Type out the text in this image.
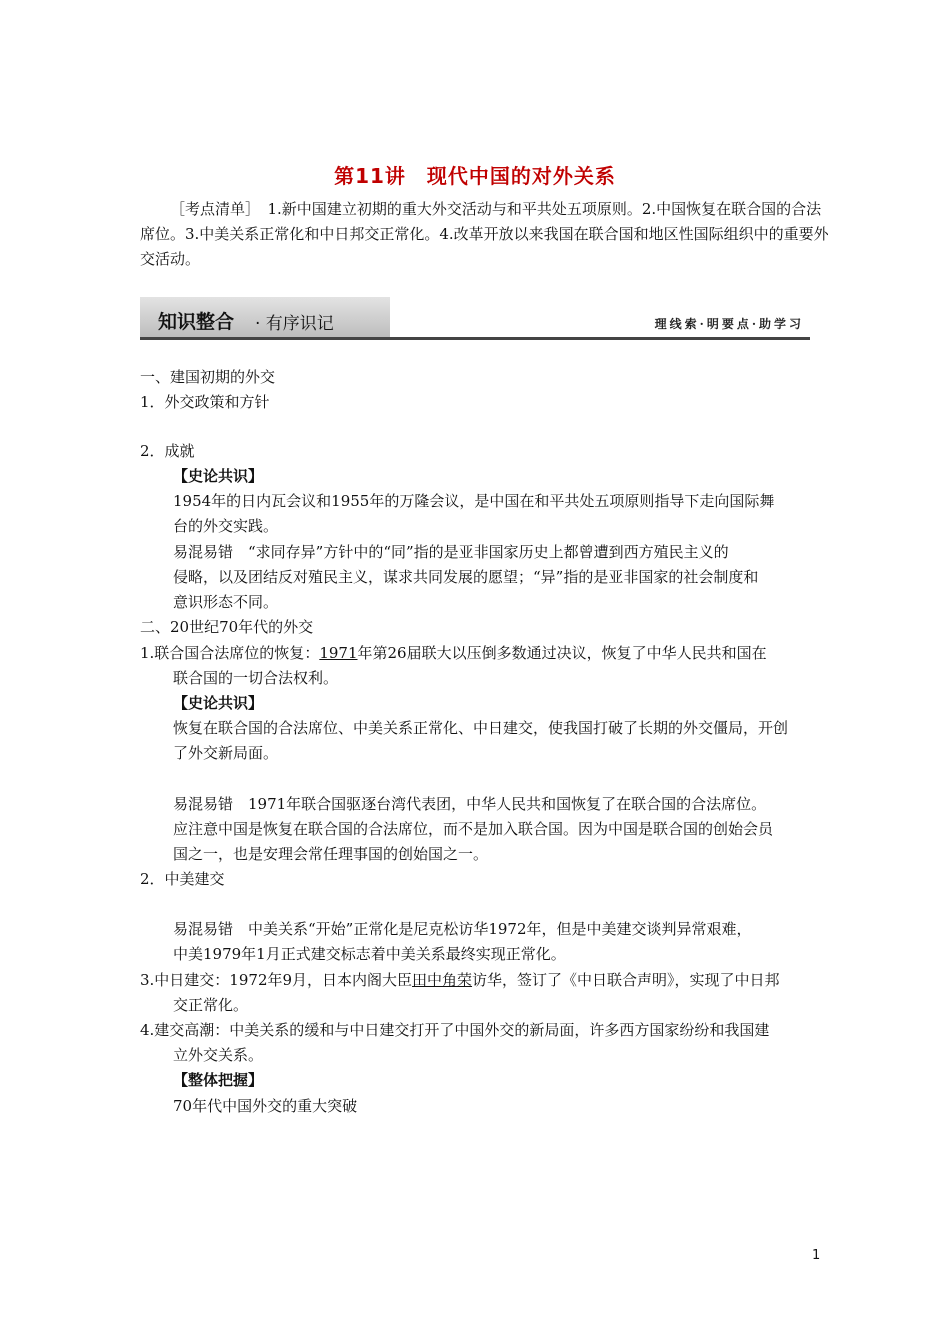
第11讲　现代中国的对外关系
［考点清单］　1.新中国建立初期的重大外交活动与和平共处五项原则。2.中国恢复在联合国的合法席位。3.中美关系正常化和中日邦交正常化。4.改革开放以来我国在联合国和地区性国际组织中的重要外交活动。
知识整合 · 有序识记	理线索·明要点·助学习
一、建国初期的外交
1．外交政策和方针
2．成就
【史论共识】
1954年的日内瓦会议和1955年的万隆会议，是中国在和平共处五项原则指导下走向国际舞
台的外交实践。
易混易错　“求同存异”方针中的“同”指的是亚非国家历史上都曾遭到西方殖民主义的
侵略，以及团结反对殖民主义，谋求共同发展的愿望；“异”指的是亚非国家的社会制度和
意识形态不同。
二、20世纪70年代的外交
1.联合国合法席位的恢复：1971年第26届联大以压倒多数通过决议，恢复了中华人民共和国在
联合国的一切合法权利。
【史论共识】
恢复在联合国的合法席位、中美关系正常化、中日建交，使我国打破了长期的外交僵局，开创
了外交新局面。
易混易错　1971年联合国驱逐台湾代表团，中华人民共和国恢复了在联合国的合法席位。
应注意中国是恢复在联合国的合法席位，而不是加入联合国。因为中国是联合国的创始会员
国之一，也是安理会常任理事国的创始国之一。
2．中美建交
易混易错　中美关系“开始”正常化是尼克松访华1972年，但是中美建交谈判异常艰难，
中美1979年1月正式建交标志着中美关系最终实现正常化。
3.中日建交：1972年9月，日本内阁大臣田中角荣访华，签订了《中日联合声明》，实现了中日邦
交正常化。
4.建交高潮：中美关系的缓和与中日建交打开了中国外交的新局面，许多西方国家纷纷和我国建
立外交关系。
【整体把握】
70年代中国外交的重大突破
1
